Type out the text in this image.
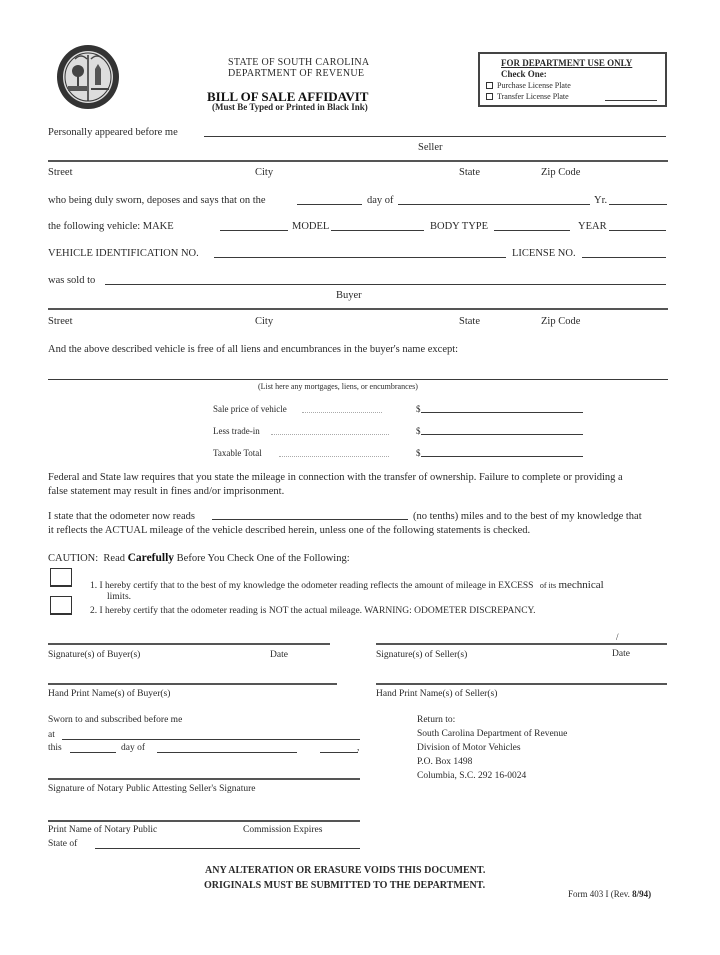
STATE OF SOUTH CAROLINA
DEPARTMENT OF REVENUE
BILL OF SALE AFFIDAVIT
(Must Be Typed or Printed in Black Ink)
FOR DEPARTMENT USE ONLY
Check One:
Purchase License Plate
Transfer License Plate
Personally appeared before me
Seller
Street	City	State	Zip Code
who being duly sworn, deposes and says that on the	day of	Yr.
the following vehicle: MAKE	MODEL	BODY TYPE	YEAR
VEHICLE IDENTIFICATION NO.	LICENSE NO.
was sold to
Buyer
Street	City	State	Zip Code
And the above described vehicle is free of all liens and encumbrances in the buyer's name except:
(List here any mortgages, liens, or encumbrances)
Sale price of vehicle	$
Less trade-in	$
Taxable Total	$
Federal and State law requires that you state the mileage in connection with the transfer of ownership. Failure to complete or providing a
false statement may result in fines and/or imprisonment.
I state that the odometer now reads	(no tenths) miles and to the best of my knowledge that
it reflects the ACTUAL mileage of the vehicle described herein, unless one of the following statements is checked.
CAUTION: Read Carefully Before You Check One of the Following:
1. I hereby certify that to the best of my knowledge the odometer reading reflects the amount of mileage in EXCESS of its mechnical
limits.
2. I hereby certify that the odometer reading is NOT the actual mileage. WARNING: ODOMETER DISCREPANCY.
Signature(s) of Buyer(s)	Date
/
Signature(s) of Seller(s)	Date
Hand Print Name(s) of Buyer(s)	Hand Print Name(s) of Seller(s)
Sworn to and subscribed before me
at
this	day of	,
Signature of Notary Public Attesting Seller's Signature
Print Name of Notary Public	Commission Expires
State of
Return to:
South Carolina Department of Revenue
Division of Motor Vehicles
P.O. Box 1498
Columbia, S.C. 292 16-0024
ANY ALTERATION OR ERASURE VOIDS THIS DOCUMENT.
ORIGINALS MUST BE SUBMITTED TO THE DEPARTMENT.
Form 403 I (Rev. 8/94)
